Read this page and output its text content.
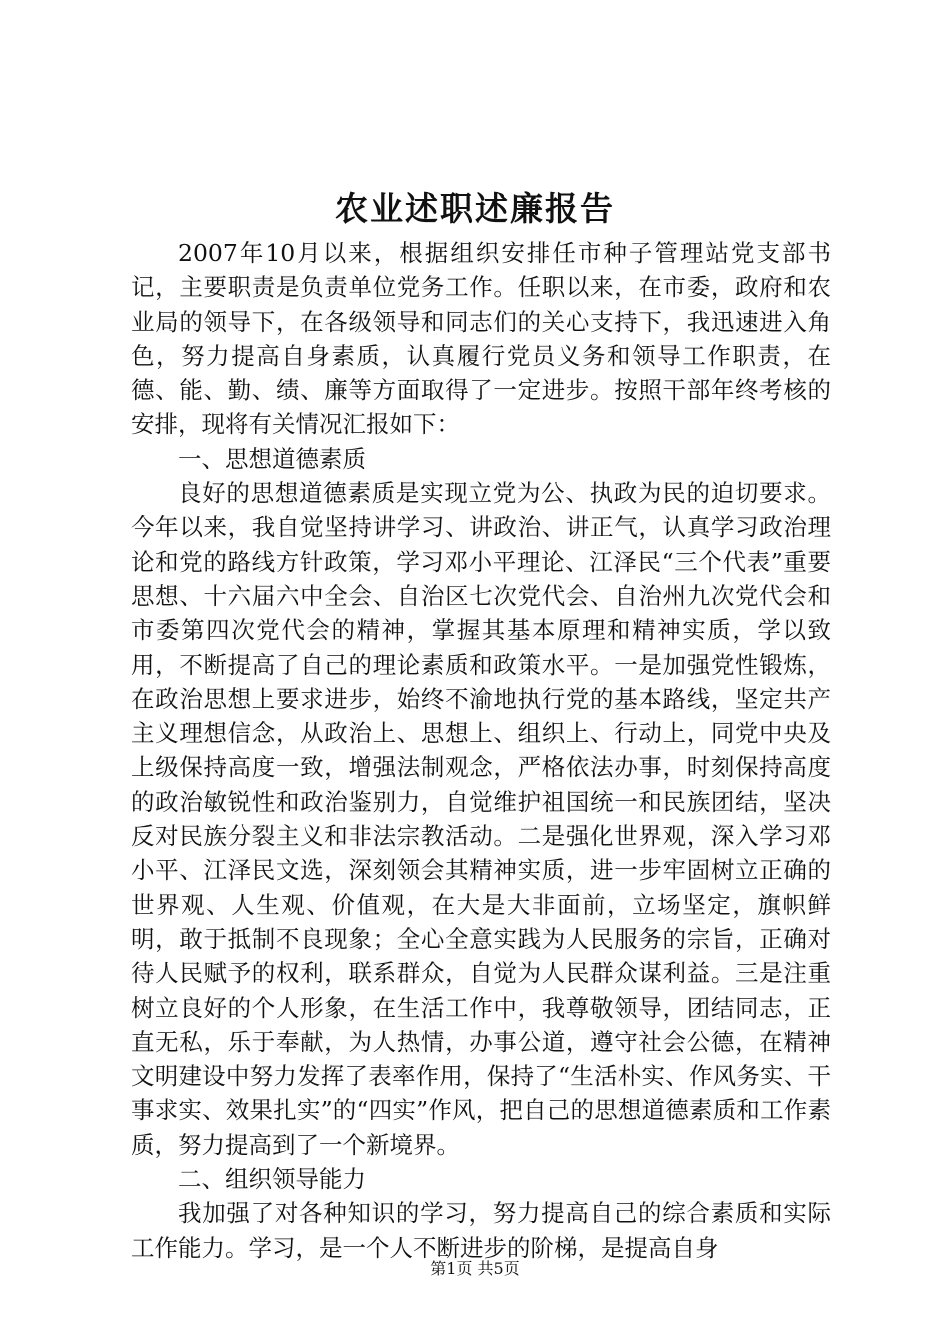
农业述职述廉报告

2007年10月以来，根据组织安排任市种子管理站党支部书记，主要职责是负责单位党务工作。任职以来，在市委，政府和农业局的领导下，在各级领导和同志们的关心支持下，我迅速进入角色，努力提高自身素质，认真履行党员义务和领导工作职责，在德、能、勤、绩、廉等方面取得了一定进步。按照干部年终考核的安排，现将有关情况汇报如下：

一、思想道德素质

良好的思想道德素质是实现立党为公、执政为民的迫切要求。今年以来，我自觉坚持讲学习、讲政治、讲正气，认真学习政治理论和党的路线方针政策，学习邓小平理论、江泽民“三个代表”重要思想、十六届六中全会、自治区七次党代会、自治州九次党代会和市委第四次党代会的精神，掌握其基本原理和精神实质，学以致用，不断提高了自己的理论素质和政策水平。一是加强党性锻炼，在政治思想上要求进步，始终不渝地执行党的基本路线，坚定共产主义理想信念，从政治上、思想上、组织上、行动上，同党中央及上级保持高度一致，增强法制观念，严格依法办事，时刻保持高度的政治敏锐性和政治鉴别力，自觉维护祖国统一和民族团结，坚决反对民族分裂主义和非法宗教活动。二是强化世界观，深入学习邓小平、江泽民文选，深刻领会其精神实质，进一步牢固树立正确的世界观、人生观、价值观，在大是大非面前，立场坚定，旗帜鲜明，敢于抵制不良现象；全心全意实践为人民服务的宗旨，正确对待人民赋予的权利，联系群众，自觉为人民群众谋利益。三是注重树立良好的个人形象，在生活工作中，我尊敬领导，团结同志，正直无私，乐于奉献，为人热情，办事公道，遵守社会公德，在精神文明建设中努力发挥了表率作用，保持了“生活朴实、作风务实、干事求实、效果扎实”的“四实”作风，把自己的思想道德素质和工作素质，努力提高到了一个新境界。

二、组织领导能力

我加强了对各种知识的学习，努力提高自己的综合素质和实际工作能力。学习，是一个人不断进步的阶梯，是提高自身

第1页 共5页
